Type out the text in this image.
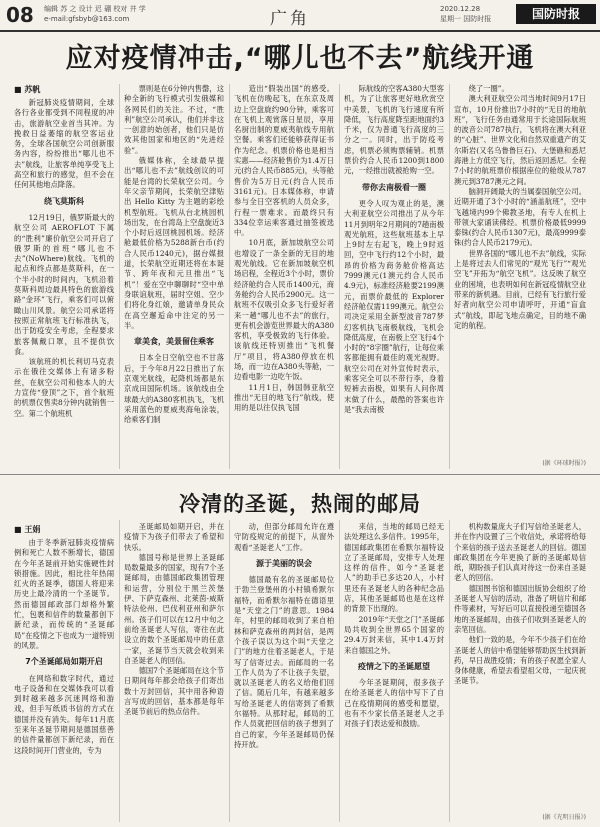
08 编辑 苏 之 设计 迟 硼 校对 井 学
e-mail:gfsbyb@163.com	广角	2020.12.28
星期一 国防时报	国防时报
应对疫情冲击,“哪儿也不去”航线开通
■ 苏帆

新冠肺炎疫情期间，全球各行各业都受到不同程度的冲击，旅游航空业首当其冲。为挽救日益萎缩的航空客运业务，全球各国航空公司创新服务内容，纷纷推出“哪儿也不去”航线，让旅客单纯享受飞上高空和旅行的感觉，但不会在任何其他地点降落。

绕飞莫斯科

12月19日，俄罗斯最大的航空公司 AEROFLOT 下属的“胜利”廉价航空公司开启了俄罗斯的首班“哪儿也不去”(NoWhere)航线。飞机的起点和终点都是莫斯科，在一个半小时的时间内，飞机沿着莫斯科周边最具特色的旅游线路“金环”飞行，乘客们可以俯瞰山川风景。航空公司承诺将按照正常航班飞行标准执飞，出于防疫安全考虑，全程要求旅客佩戴口罩，且不提供饮食。

该航班的机长利切马克表示在俄往交媒体上有诸多粉丝，在航空公司和他本人的大力宣传“登顶”之下，首个航班的机票仅售卖8分钟内就销售一空。第二个航班机

票则是在6分钟内售罄，这种全新的飞行模式引发俄媒和各网民们的关注。不过，“胜利”航空公司承认，他们并非这一创意的始创者，他们只是仿效其他国家和地区的“先进经验”。

俄媒体称，全球最早提出“哪儿也不去”航线创议的可能是台湾的长荣航空公司。今年父亲节期间，长荣航空津贴出 Hello Kitty 为主题的彩绘机型航班。飞机从台北桃园机场出发，在台湾岛上空盘旋近3个小时后返回桃园机场。经济舱最低价格为5288新台币(约合人民币1240元)，据台媒报道，长荣航空近期还将在本诞节、跨年夜和元旦推出“飞机”！爱在空中聊聊时“空中单身联谊航班，届时空姐、空少们将化身红娘，邀请单身民众在高空邂逅命中注定的另一半。

章美食，美景留住乘客

日本全日空航空也不甘落后，于今年8月22日推出了东京观光航线，起降机场都是东京成田国际机场。该航线由全球最大的A380客机执飞，飞机采用蓝色的夏威夷海龟涂装，给乘客们制

造出“假装出国”的感受。飞机在仿晚起飞，在东京及周边上空盘旋约90分钟，乘客可在飞机上观赏落日星辰，享用名厨出制的夏威夷航线专用航空餐。乘客们还能够获得证书作为纪念。机票价格也是相当实惠——经济舱售价为1.4万日元(约合人民币885元)，头等舱售价为5万日元(约合人民币3161元)。日本媒体称，申请参与全日空客机的人员众多，行程一票难求。而最终只有334位幸运乘客通过抽签被选中。

10月底，新加坡航空公司也增设了一条全新的无目的地观光航线。它在新加坡航空机场启程，全程近3个小时，票价经济舱约合人民币1400元，商务舱约合人民币2900元。这一航班不仅吸引众多飞行爱好者来一趟“哪儿也不去”的旅行，更有机会游览世界最大的A380客机，享受极致的飞行体验。该航线还特别推出“飞机餐厅”项目，将A380停放在机场，而一边在A380头等舱，一边看电影一边吃午饭。

11月1日，韩国韩亚航空推出“无目的地飞行”航线，使用的是以往仅执飞国

际航线的空客A380大型客机，为了让旅客更好地欣赏空中美景，飞机的飞行速度有所降低，飞行高度降至距地面约3千米，仅为普通飞行高度的三分之一。同时，出于防疫考虑，机票必须购票辅销。机票票价约合人民币1200到1800元，一经推出就被抢购一空。

带你去南极看一圈

更令人叹为观止的是，澳大利亚航空公司推出了从今年11月到明年2月期间的7趟南极观光航班，这些航班基本上早上9时左右起飞，晚上9时返回，空中飞行约12个小时，最昂的价格为商务舱价格高达7999澳元(1澳元约合人民币4.9元)，标准经济舱要2199澳元，而票价最低的 Explorer 经济舱仅需1199澳元。航空公司决定采用全新型波音787梦幻客机执飞南极航线，飞机会降低高度，在南极上空飞行4个小时的“8字圈”航行，让每位乘客都能拥有最佳的观光视野。航空公司在对外宣传时表示，乘客完全可以不带行李，身着短裤去南极，如果有人问你周末做了什么，最酷的答案也许是“我去南极

绕了一圈”。

澳大利亚航空公司当地时间9月17日宣布，10月份推出7小时的“无目的地航班”，飞行任务由通常用于长途国际航班的波音公司787执行，飞机将在澳大利亚的“心脏”、世界文化和自然双重遗产的艾尔斯岩(又名乌鲁鲁巨石)、大堡礁和悉尼海港上方低空飞行，然后返回悉尼。全程7小时的航班票价根据座位的舱级从787澳元到3787澳元之间。

脑洞开阔最大的当属泰国航空公司。近期开通了3个小时的“涵盖航班”，空中飞越境内99个佛教圣地，有专人在机上带领大家诵读佛经。机票价格最低9999泰铢(约合人民币1307元)，最高9999泰铢(约合人民币2179元)。

世界各国的“哪儿也不去”航线，实际上是将过去人们常见的“观光飞行”“观光空飞”开拓为“航空飞机”。这反映了航空业的困境，也表明如何在新冠疫情航空业带来的新机遇。目前，已经有飞行旅行爱好者向航空公司申请呼吁，开通“盲盒式”航线，即起飞地点确定，目的地不确定的航程。

(据《环球时报》)
冷清的圣诞，热闹的邮局
■ 王娟

由于冬季新冠肺炎疫情病例和死亡人数不断增长，德国在今年圣诞前开始实施硬性封锁措施。因此，相比往年热闹红火的圣诞季，德国人将迎来历史上最冷清的一个圣诞节。然而德国邮政部门却格外繁忙，包裹和信件的数量都创下新纪录，而传统的“圣诞邮局”在疫情之下也成为一道特别的风景。

7个圣诞邮局如期开启

在网络和数字时代，通过电子设备和在交媒体我可以看到时越来越多沉迷网络和游戏，但手写纸质书信的方式在德国并没有消失。每年11月底至来年圣诞节期间是德国慈善的信件量都创下新纪录，而在这段时间开门营业的，专为

圣诞邮局如期开启，并在疫情下为孩子们带去了希望和快乐。

德国号称是世界上圣诞邮局数量最多的国家，现有7个圣诞邮局，由德国邮政集团管理和运营，分别位于黑兰茨堡伊、下萨克森州、北莱茵-威斯特法伦州、巴伐利亚州和萨尔州。孩子们可以在12月中旬之前给圣诞老人写信，寄往在此设立的数个圣诞邮局中的任意一家，圣诞节当天就会收到来自圣诞老人的回信。

德国7个圣诞邮局在这个节日期间每年都会给孩子们寄出数十万封回信，其中用各种语言写成的回信，基本都是每年圣诞节前后的热点信件。

动，但部分邮局允许在遵守防疫规定的前提下，从窗外观看“圣诞老人”工作。

源于美丽的误会

德国最有名的圣诞邮局位于勃兰登堡州的小村镇希默尔福特，而希默尔福特在德语里是“天堂之门”的意思。1984年，村里的邮局收到了来自柏林和萨克森州的两封信，是两个孩子误以为这个叫“天堂之门”的地方住着圣诞老人，于是写了信寄过去。而邮局的一名工作人员为了不让孩子失望，就以圣诞老人的名义给他们回了信。随后几年，有越来越多写给圣诞老人的信寄到了希默尔福特。从那时起，邮局的工作人员就把回信的孩子想到了自己的家，今年圣诞邮局仍保持开放。

来信，当地的邮局已经无法处理这么多信件。1995年，德国邮政集团在希默尔福特设立了圣诞邮局，安排专人处理这样的信件，如今“圣诞老人”的助手已多达20人，小村里还有圣诞老人的各种纪念品店，其他圣诞邮局也是在这样的背景下出现的。

2019年“天堂之门”圣诞邮局共收到全世界65个国家的29.4万封来信，其中1.4万封来自德国之外。

疫情之下的圣诞愿望

今年圣诞期间，很多孩子在给圣诞老人的信中写下了自己在疫情期间的感受和愿望，也有不少家长借圣诞老人之手对孩子们表达爱和鼓励。

机构数量庞大子们写信给圣诞老人，并在作内设置了三个收信处，承诺将给每个来信的孩子送去圣诞老人的回信。德国邮政集团在今年更换了新的圣诞邮局信纸，期盼孩子们认真对待这一份来自圣诞老人的回信。

德国图书馆和德国出版协会组织了给圣诞老人写信的活动，准备了明信片和邮件等素材，写好后可以直接投递至德国各地的圣诞邮局，由孩子们收到圣诞老人的亲笔回信。

他们一致的是，今年不少孩子们在给圣诞老人的信中希望能够帮助医生找到新药，早日战胜疫情；有的孩子祝愿全家人身体健康，希望去看望祖父母，一起庆祝圣诞节。

(据《光明日报》)
